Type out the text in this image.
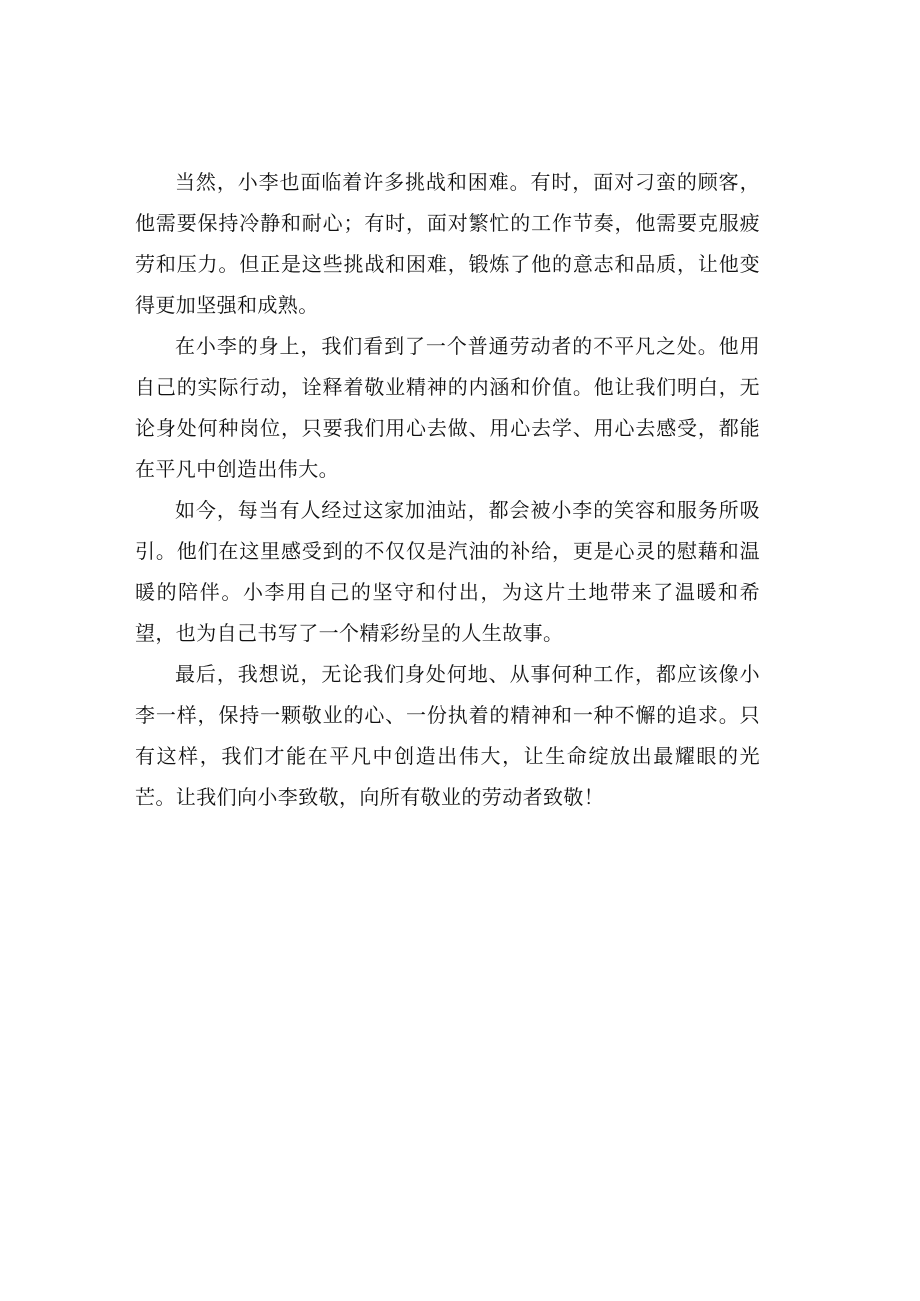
当然，小李也面临着许多挑战和困难。有时，面对刁蛮的顾客，他需要保持冷静和耐心；有时，面对繁忙的工作节奏，他需要克服疲劳和压力。但正是这些挑战和困难，锻炼了他的意志和品质，让他变得更加坚强和成熟。

在小李的身上，我们看到了一个普通劳动者的不平凡之处。他用自己的实际行动，诠释着敬业精神的内涵和价值。他让我们明白，无论身处何种岗位，只要我们用心去做、用心去学、用心去感受，都能在平凡中创造出伟大。

如今，每当有人经过这家加油站，都会被小李的笑容和服务所吸引。他们在这里感受到的不仅仅是汽油的补给，更是心灵的慰藉和温暖的陪伴。小李用自己的坚守和付出，为这片土地带来了温暖和希望，也为自己书写了一个精彩纷呈的人生故事。

最后，我想说，无论我们身处何地、从事何种工作，都应该像小李一样，保持一颗敬业的心、一份执着的精神和一种不懈的追求。只有这样，我们才能在平凡中创造出伟大，让生命绽放出最耀眼的光芒。让我们向小李致敬，向所有敬业的劳动者致敬！
